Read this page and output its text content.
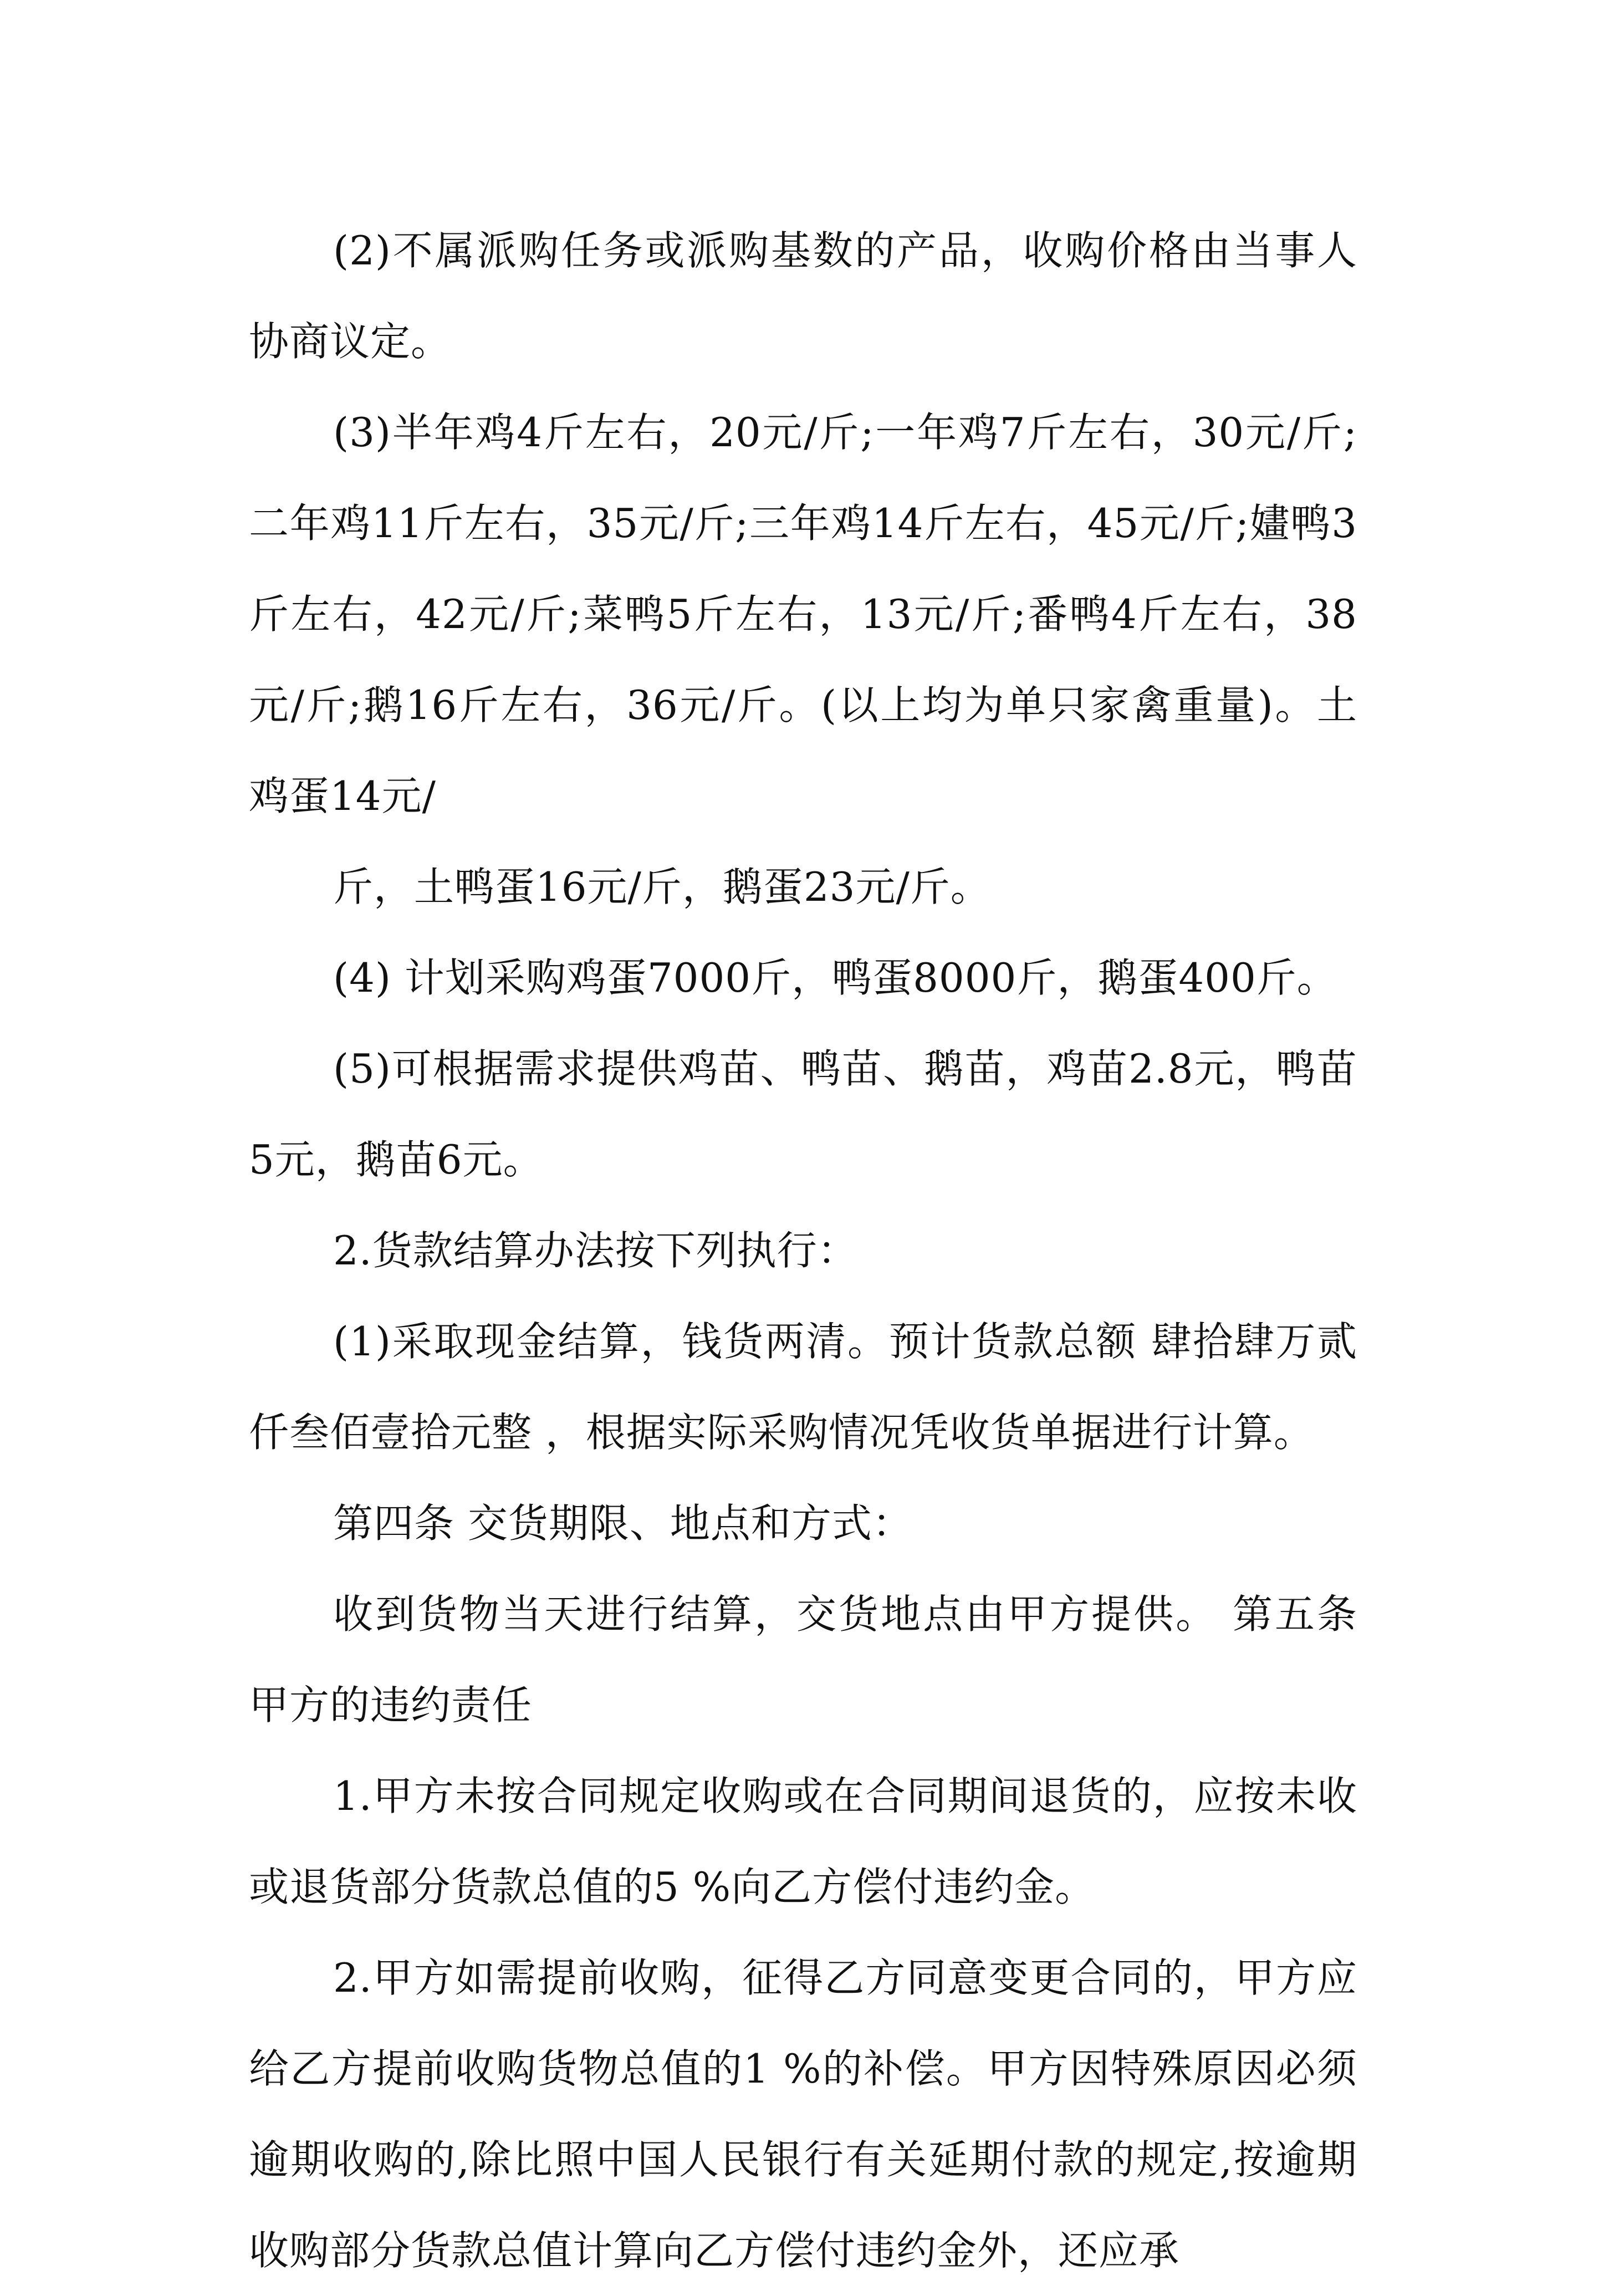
(2)不属派购任务或派购基数的产品，收购价格由当事人协商议定。

(3)半年鸡4斤左右，20元/斤;一年鸡7斤左右，30元/斤;二年鸡11斤左右，35元/斤;三年鸡14斤左右，45元/斤;嫿鸭3斤左右，42元/斤;菜鸭5斤左右，13元/斤;番鸭4斤左右，38元/斤;鹅16斤左右，36元/斤。(以上均为单只家禽重量)。土鸡蛋14元/

斤，土鸭蛋16元/斤，鹅蛋23元/斤。

(4) 计划采购鸡蛋7000斤，鸭蛋8000斤，鹅蛋400斤。

(5)可根据需求提供鸡苗、鸭苗、鹅苗，鸡苗2.8元，鸭苗5元，鹅苗6元。

2.货款结算办法按下列执行：

(1)采取现金结算，钱货两清。预计货款总额 肆拾肆万贰仟叁佰壹拾元整 ，根据实际采购情况凭收货单据进行计算。

第四条 交货期限、地点和方式：

收到货物当天进行结算，交货地点由甲方提供。 第五条 甲方的违约责任

1.甲方未按合同规定收购或在合同期间退货的，应按未收或退货部分货款总值的5 %向乙方偿付违约金。

2.甲方如需提前收购，征得乙方同意变更合同的，甲方应给乙方提前收购货物总值的1 %的补偿。甲方因特殊原因必须逾期收购的,除比照中国人民银行有关延期付款的规定,按逾期收购部分货款总值计算向乙方偿付违约金外，还应承
